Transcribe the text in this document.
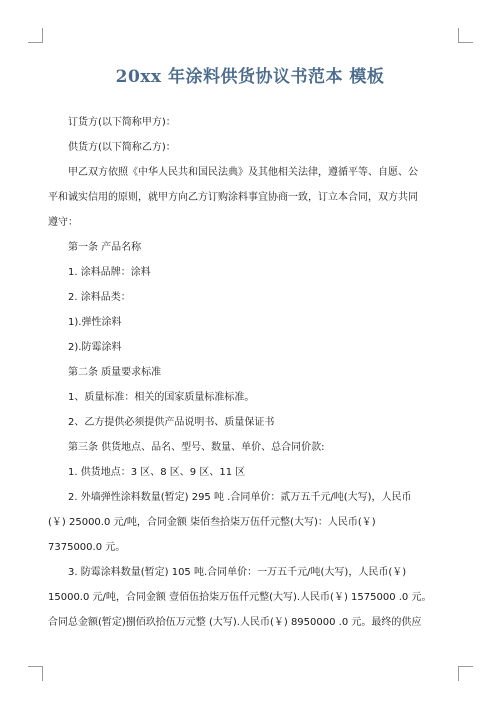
20xx 年涂料供货协议书范本 模板

订货方(以下简称甲方)：

供货方(以下简称乙方)：

甲乙双方依照《中华人民共和国民法典》及其他相关法律，遵循平等、自愿、公

平和诚实信用的原则，就甲方向乙方订购涂料事宜协商一致，订立本合同，双方共同

遵守：

第一条 产品名称

1. 涂料品牌：涂料

2. 涂料品类：

1).弹性涂料

2).防霉涂料

第二条 质量要求标准

1、质量标准：相关的国家质量标准标准。

2、乙方提供必须提供产品说明书、质量保证书

第三条 供货地点、品名、型号、数量、单价、总合同价款:

1. 供货地点：3 区、8 区、9 区、11 区

2. 外墙弹性涂料数量(暂定) 295 吨 .合同单价：贰万五千元/吨(大写)，人民币

(￥) 25000.0 元/吨，合同金额 柒佰叁拾柒万伍仟元整(大写)：人民币(￥)

7375000.0 元。

3. 防霉涂料数量(暂定) 105 吨.合同单价：一万五千元/吨(大写)，人民币(￥)

15000.0 元/吨，合同金额 壹佰伍拾柒万伍仟元整(大写).人民币(￥) 1575000 .0 元。

合同总金额(暂定)捌佰玖拾伍万元整 (大写).人民币(￥) 8950000 .0 元。最终的供应
